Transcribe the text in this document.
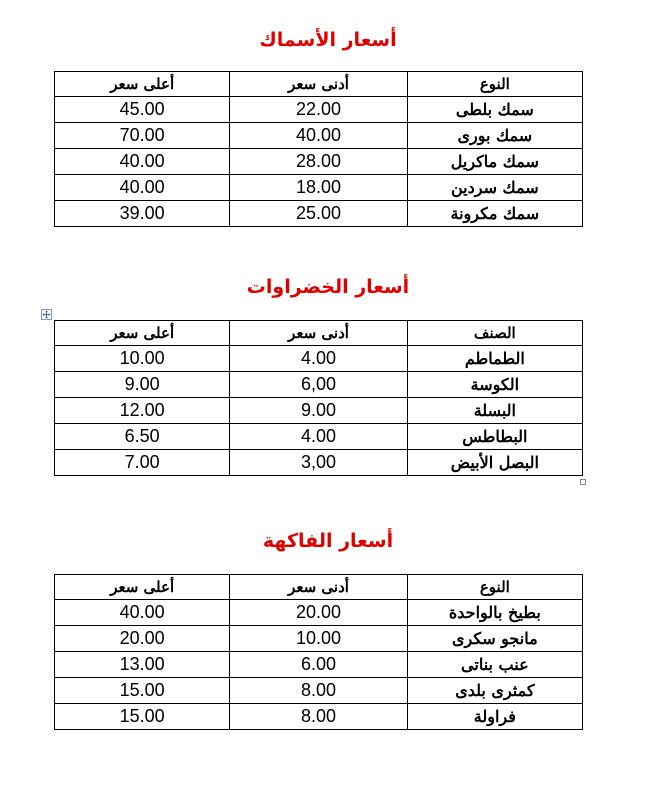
أسعار الأسماك
النوع	أدنى سعر	أعلى سعر
سمك بلطى	22.00	45.00
سمك بورى	40.00	70.00
سمك ماكريل	28.00	40.00
سمك سردين	18.00	40.00
سمك مكرونة	25.00	39.00
أسعار الخضراوات
الصنف	أدنى سعر	أعلى سعر
الطماطم	4.00	10.00
الكوسة	6,00	9.00
البسلة	9.00	12.00
البطاطس	4.00	6.50
البصل الأبيض	3,00	7.00
أسعار الفاكهة
النوع	أدنى سعر	أعلى سعر
بطيخ بالواحدة	20.00	40.00
مانجو سكرى	10.00	20.00
عنب بناتى	6.00	13.00
كمثرى بلدى	8.00	15.00
فراولة	8.00	15.00
